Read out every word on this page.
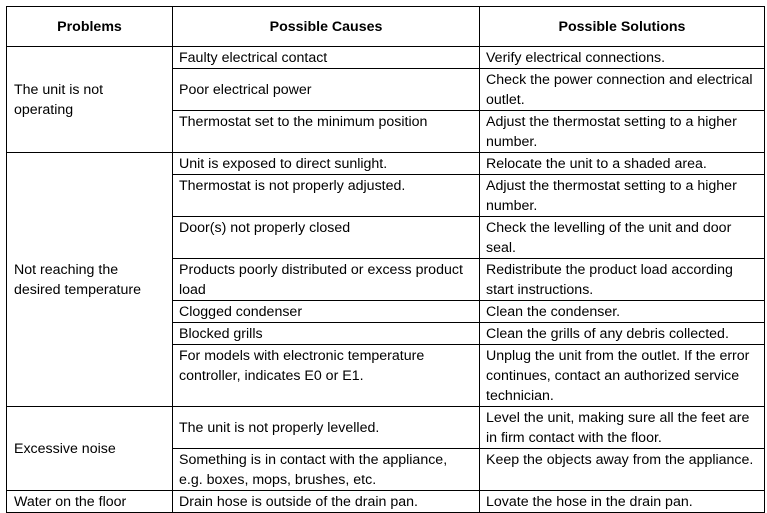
Problems	Possible Causes	Possible Solutions
The unit is not operating	Faulty electrical contact	Verify electrical connections.
	Poor electrical power	Check the power connection and electrical outlet.
	Thermostat set to the minimum position	Adjust the thermostat setting to a higher number.
Not reaching the desired temperature	Unit is exposed to direct sunlight.	Relocate the unit to a shaded area.
	Thermostat is not properly adjusted.	Adjust the thermostat setting to a higher number.
	Door(s) not properly closed	Check the levelling of the unit and door seal.
	Products poorly distributed or excess product load	Redistribute the product load according start instructions.
	Clogged condenser	Clean the condenser.
	Blocked grills	Clean the grills of any debris collected.
	For models with electronic temperature controller, indicates E0 or E1.	Unplug the unit from the outlet. If the error continues, contact an authorized service technician.
Excessive noise	The unit is not properly levelled.	Level the unit, making sure all the feet are in firm contact with the floor.
	Something is in contact with the appliance, e.g. boxes, mops, brushes, etc.	Keep the objects away from the appliance.
Water on the floor	Drain hose is outside of the drain pan.	Lovate the hose in the drain pan.
